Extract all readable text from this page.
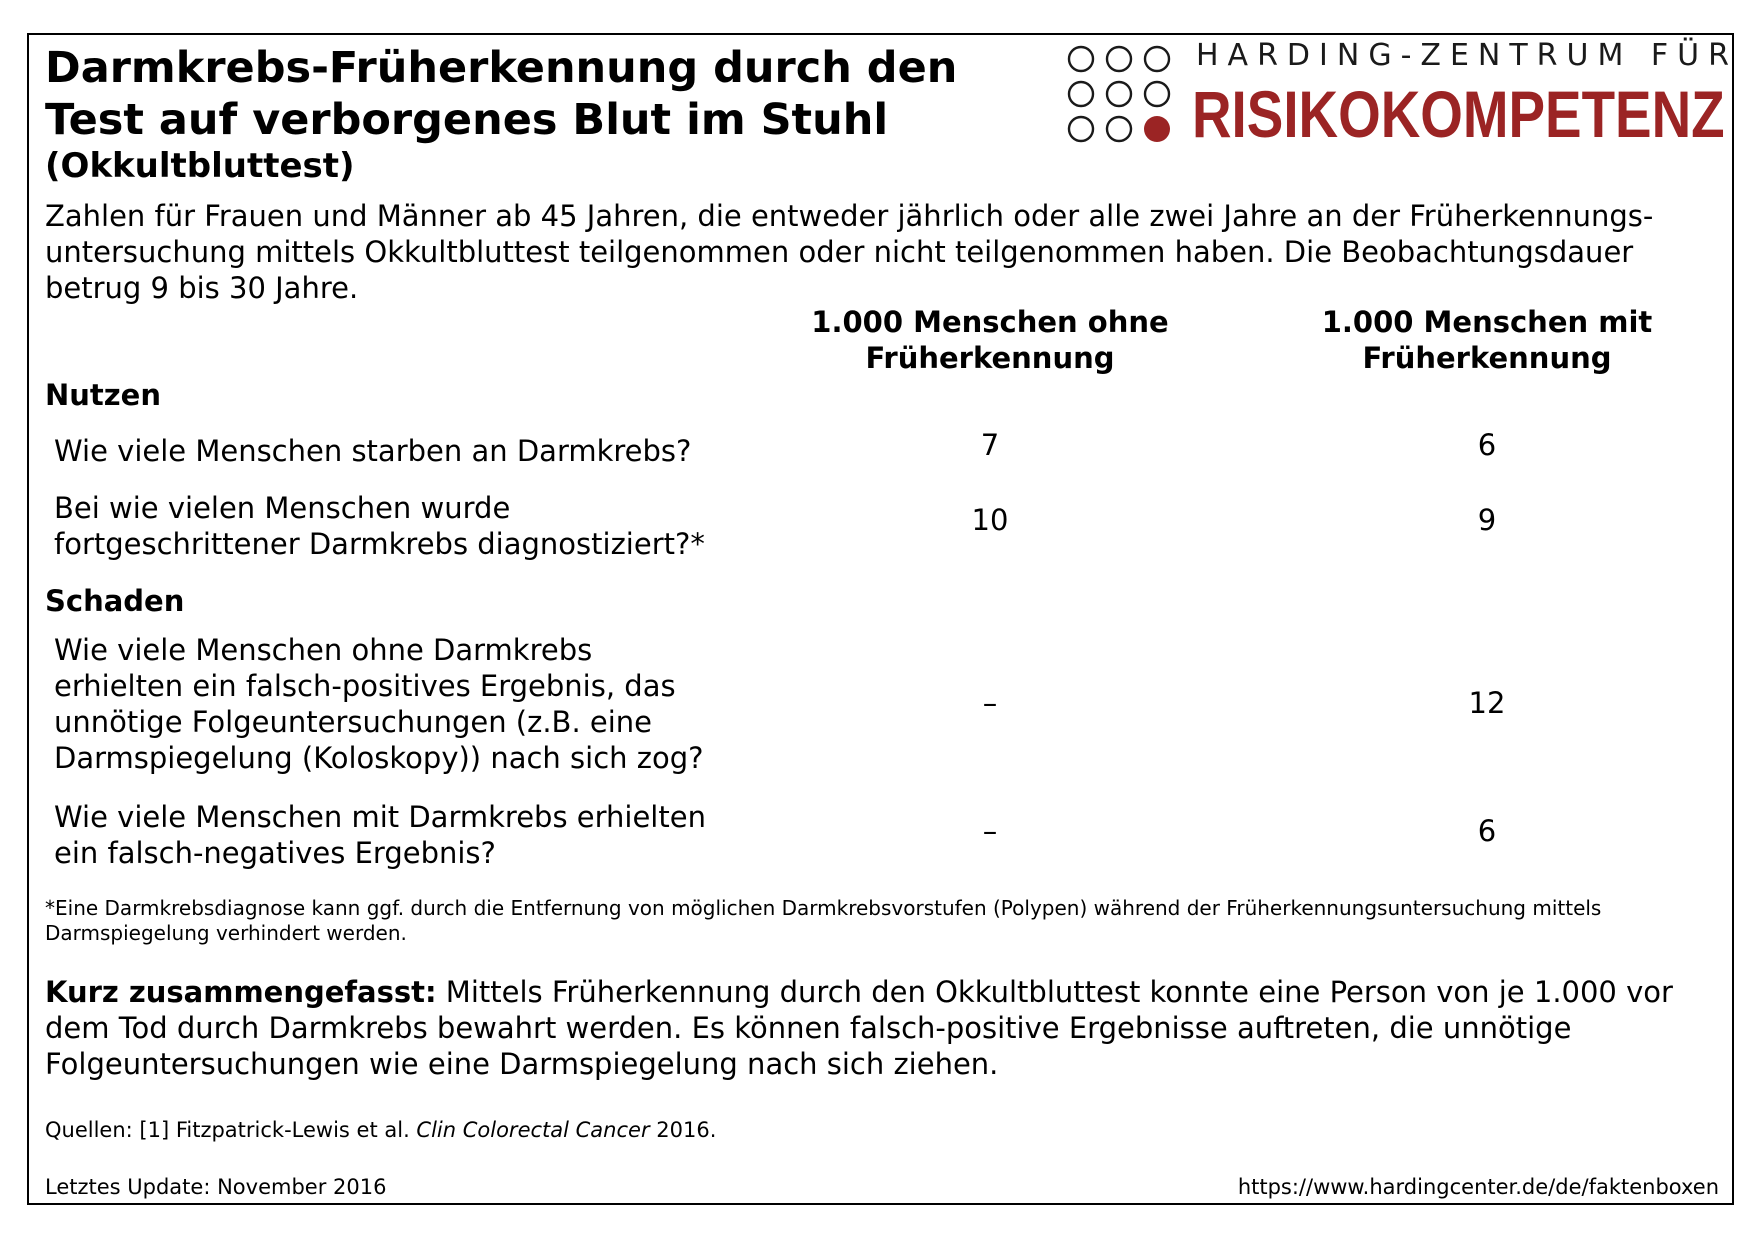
Darmkrebs-Früherkennung durch den
Test auf verborgenes Blut im Stuhl
(Okkultbluttest)
HARDING-ZENTRUM FÜR
RISIKOKOMPETENZ
Zahlen für Frauen und Männer ab 45 Jahren, die entweder jährlich oder alle zwei Jahre an der Früherkennungs-
untersuchung mittels Okkultbluttest teilgenommen oder nicht teilgenommen haben. Die Beobachtungsdauer
betrug 9 bis 30 Jahre.
1.000 Menschen ohne
Früherkennung
1.000 Menschen mit
Früherkennung
Nutzen
Wie viele Menschen starben an Darmkrebs?	7	6
Bei wie vielen Menschen wurde
fortgeschrittener Darmkrebs diagnostiziert?*
10	9
Schaden
Wie viele Menschen ohne Darmkrebs
erhielten ein falsch-positives Ergebnis, das
unnötige Folgeuntersuchungen (z.B. eine
Darmspiegelung (Koloskopy)) nach sich zog?
–	12
Wie viele Menschen mit Darmkrebs erhielten
ein falsch-negatives Ergebnis?
–	6
*Eine Darmkrebsdiagnose kann ggf. durch die Entfernung von möglichen Darmkrebsvorstufen (Polypen) während der Früherkennungsuntersuchung mittels
Darmspiegelung verhindert werden.
Kurz zusammengefasst: Mittels Früherkennung durch den Okkultbluttest konnte eine Person von je 1.000 vor
dem Tod durch Darmkrebs bewahrt werden. Es können falsch-positive Ergebnisse auftreten, die unnötige
Folgeuntersuchungen wie eine Darmspiegelung nach sich ziehen.
Quellen: [1] Fitzpatrick-Lewis et al. Clin Colorectal Cancer 2016.
Letztes Update: November 2016	https://www.hardingcenter.de/de/faktenboxen
